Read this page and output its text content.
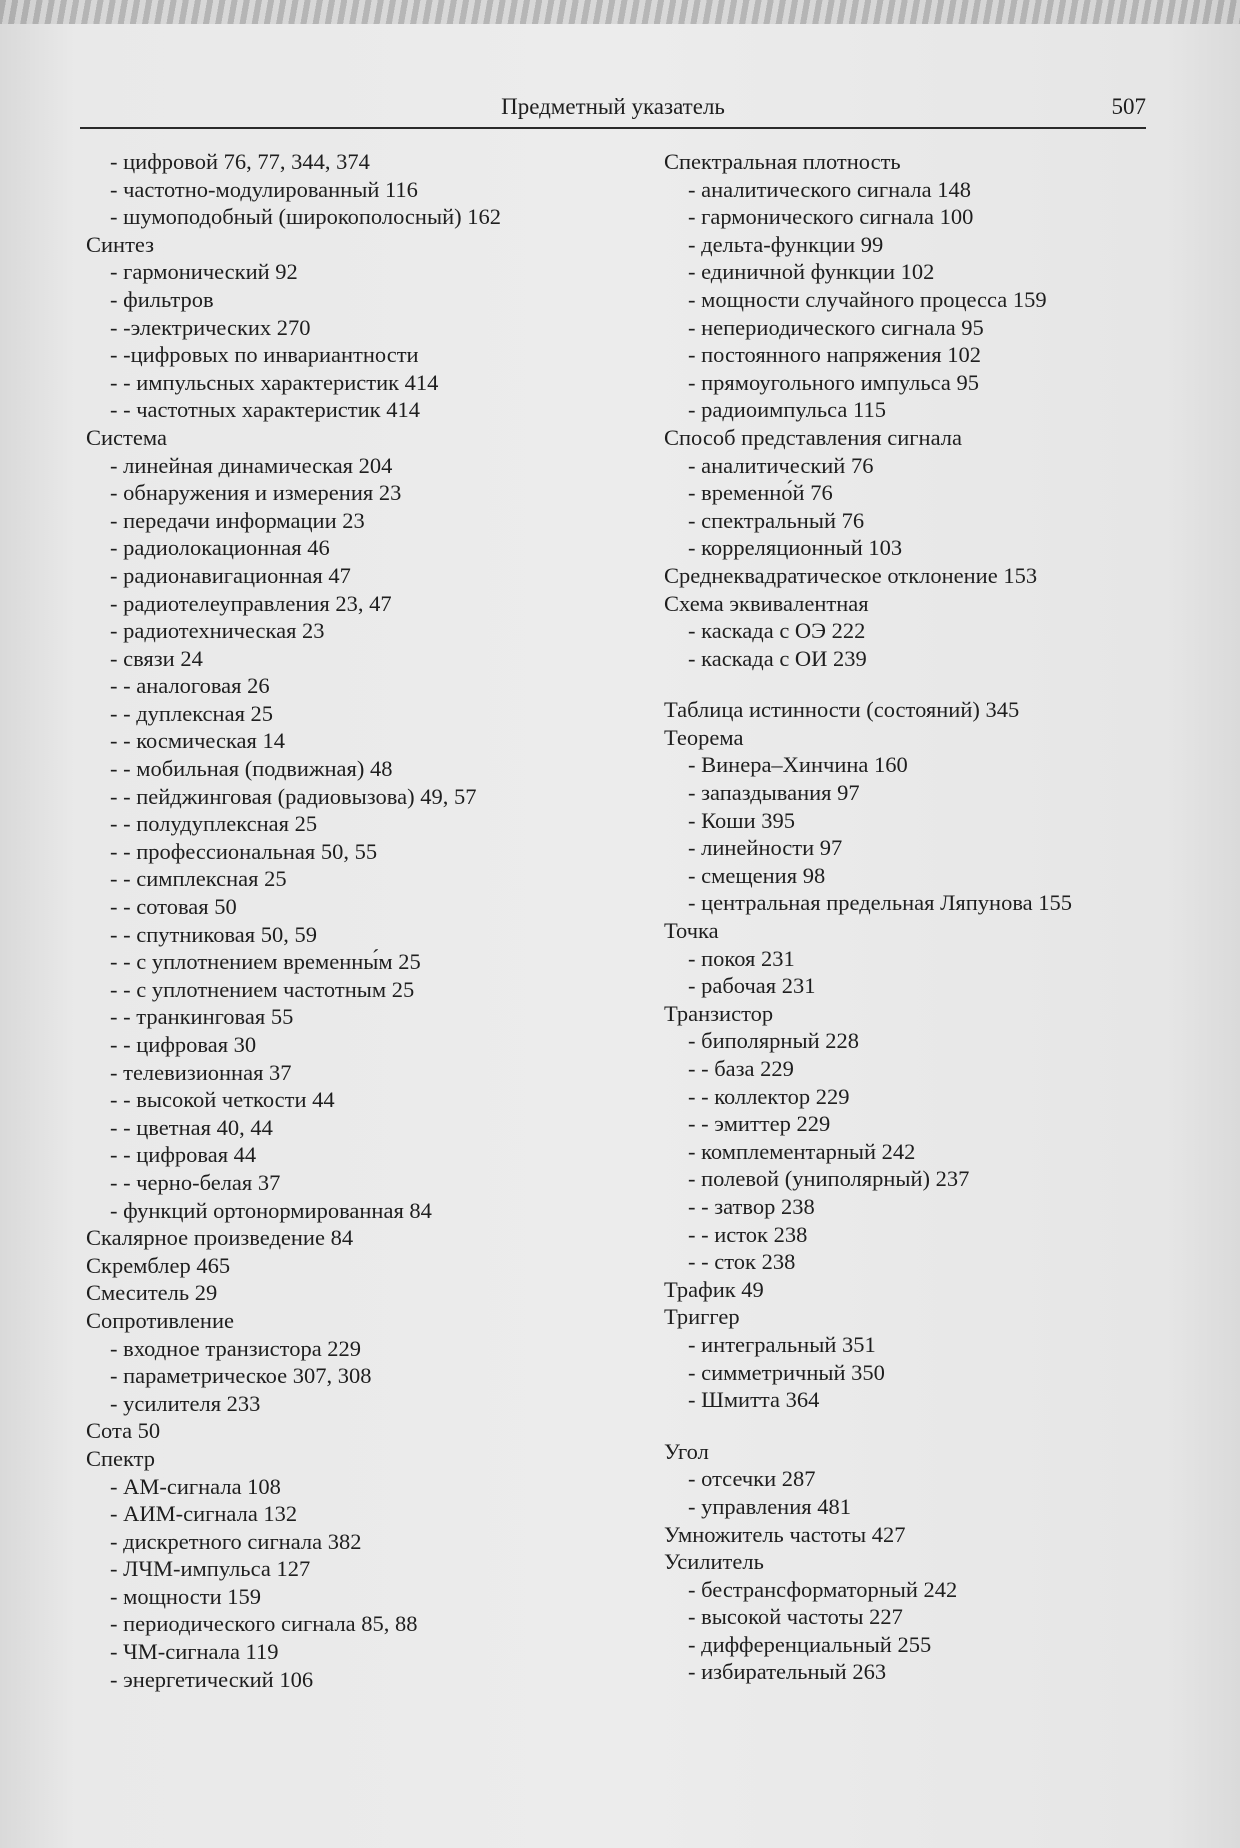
Предметный указатель	507
- цифровой 76, 77, 344, 374
- частотно-модулированный 116
- шумоподобный (широкополосный) 162
Синтез
- гармонический 92
- фильтров
- -электрических 270
- -цифровых по инвариантности
- - импульсных характеристик 414
- - частотных характеристик 414
Система
- линейная динамическая 204
- обнаружения и измерения 23
- передачи информации 23
- радиолокационная 46
- радионавигационная 47
- радиотелеуправления 23, 47
- радиотехническая 23
- связи 24
- - аналоговая 26
- - дуплексная 25
- - космическая 14
- - мобильная (подвижная) 48
- - пейджинговая (радиовызова) 49, 57
- - полудуплексная 25
- - профессиональная 50, 55
- - симплексная 25
- - сотовая 50
- - спутниковая 50, 59
- - с уплотнением временны́м 25
- - с уплотнением частотным 25
- - транкинговая 55
- - цифровая 30
- телевизионная 37
- - высокой четкости 44
- - цветная 40, 44
- - цифровая 44
- - черно-белая 37
- функций ортонормированная 84
Скалярное произведение 84
Скремблер 465
Смеситель 29
Сопротивление
- входное транзистора 229
- параметрическое 307, 308
- усилителя 233
Сота 50
Спектр
- АМ-сигнала 108
- АИМ-сигнала 132
- дискретного сигнала 382
- ЛЧМ-импульса 127
- мощности 159
- периодического сигнала 85, 88
- ЧМ-сигнала 119
- энергетический 106
Спектральная плотность
- аналитического сигнала 148
- гармонического сигнала 100
- дельта-функции 99
- единичной функции 102
- мощности случайного процесса 159
- непериодического сигнала 95
- постоянного напряжения 102
- прямоугольного импульса 95
- радиоимпульса 115
Способ представления сигнала
- аналитический 76
- временно́й 76
- спектральный 76
- корреляционный 103
Среднеквадратическое отклонение 153
Схема эквивалентная
- каскада с ОЭ 222
- каскада с ОИ 239
Таблица истинности (состояний) 345
Теорема
- Винера–Хинчина 160
- запаздывания 97
- Коши 395
- линейности 97
- смещения 98
- центральная предельная Ляпунова 155
Точка
- покоя 231
- рабочая 231
Транзистор
- биполярный 228
- - база 229
- - коллектор 229
- - эмиттер 229
- комплементарный 242
- полевой (униполярный) 237
- - затвор 238
- - исток 238
- - сток 238
Трафик 49
Триггер
- интегральный 351
- симметричный 350
- Шмитта 364
Угол
- отсечки 287
- управления 481
Умножитель частоты 427
Усилитель
- бестрансформаторный 242
- высокой частоты 227
- дифференциальный 255
- избирательный 263
